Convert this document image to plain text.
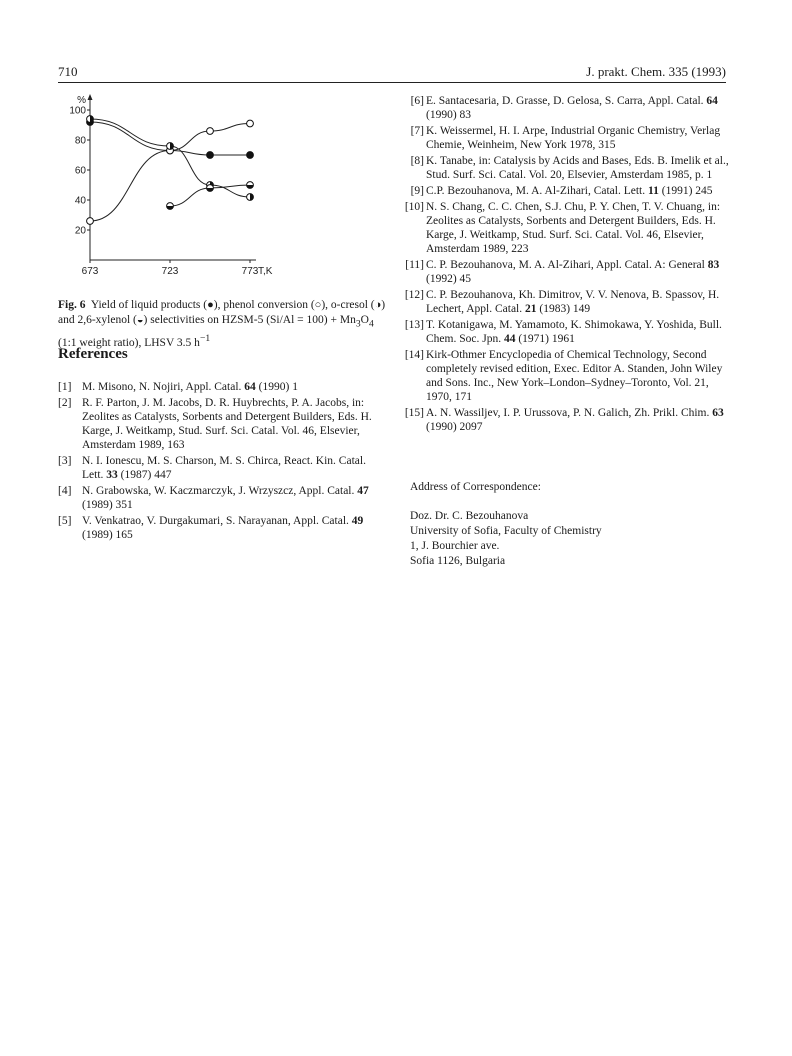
710	J. prakt. Chem. 335 (1993)
100
80
60
40
20
%
673	723	773 T,K
Fig. 6 Yield of liquid products (●), phenol conversion (○), o-cresol (◑) and 2,6-xylenol (◒) selectivities on HZSM-5 $(Si/Al = 100) + Mn_3O_4$ (1:1 weight ratio), LHSV 3.5 $h^{-1}$
References
[1] M. Misono, N. Nojiri, Appl. Catal. 64 (1990) 1
[2] R. F. Parton, J. M. Jacobs, D. R. Huybrechts, P. A. Jacobs, in: Zeolites as Catalysts, Sorbents and Detergent Builders, Eds. H. Karge, J. Weitkamp, Stud. Surf. Sci. Catal. Vol. 46, Elsevier, Amsterdam 1989, 163
[3] N. I. Ionescu, M. S. Charson, M. S. Chirca, React. Kin. Catal. Lett. 33 (1987) 447
[4] N. Grabowska, W. Kaczmarczyk, J. Wrzyszcz, Appl. Catal. 47 (1989) 351
[5] V. Venkatrao, V. Durgakumari, S. Narayanan, Appl. Catal. 49 (1989) 165
[6] E. Santacesaria, D. Grasse, D. Gelosa, S. Carra, Appl. Catal. 64 (1990) 83
[7] K. Weissermel, H. I. Arpe, Industrial Organic Chemistry, Verlag Chemie, Weinheim, New York 1978, 315
[8] K. Tanabe, in: Catalysis by Acids and Bases, Eds. B. Imelik et al., Stud. Surf. Sci. Catal. Vol. 20, Elsevier, Amsterdam 1985, p. 1
[9] C.P. Bezouhanova, M. A. Al-Zihari, Catal. Lett. 11 (1991) 245
[10] N. S. Chang, C. C. Chen, S.J. Chu, P. Y. Chen, T. V. Chuang, in: Zeolites as Catalysts, Sorbents and Detergent Builders, Eds. H. Karge, J. Weitkamp, Stud. Surf. Sci. Catal. Vol. 46, Elsevier, Amsterdam 1989, 223
[11] C. P. Bezouhanova, M. A. Al-Zihari, Appl. Catal. A: General 83 (1992) 45
[12] C. P. Bezouhanova, Kh. Dimitrov, V. V. Nenova, B. Spassov, H. Lechert, Appl. Catal. 21 (1983) 149
[13] T. Kotanigawa, M. Yamamoto, K. Shimokawa, Y. Yoshida, Bull. Chem. Soc. Jpn. 44 (1971) 1961
[14] Kirk-Othmer Encyclopedia of Chemical Technology, Second completely revised edition, Exec. Editor A. Standen, John Wiley and Sons. Inc., New York–London–Sydney–Toronto, Vol. 21, 1970, 171
[15] A. N. Wassiljev, I. P. Urussova, P. N. Galich, Zh. Prikl. Chim. 63 (1990) 2097
Address of Correspondence:
Doz. Dr. C. Bezouhanova
University of Sofia, Faculty of Chemistry
1, J. Bourchier ave.
Sofia 1126, Bulgaria
